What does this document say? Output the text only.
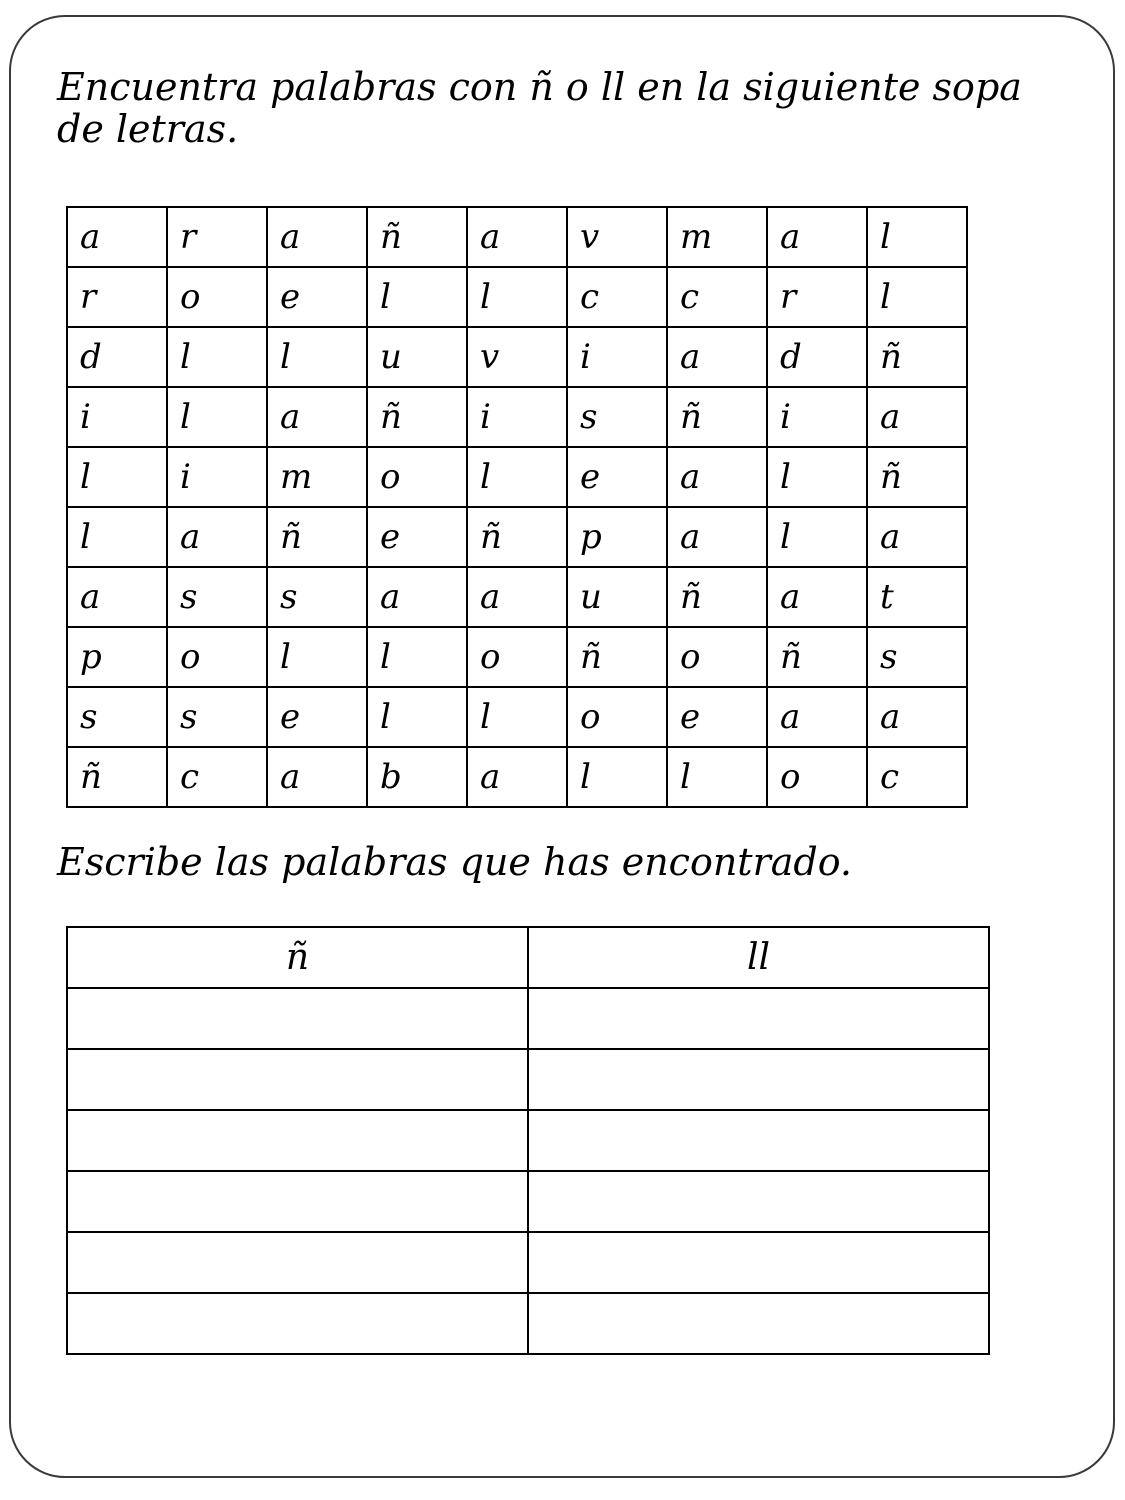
Encuentra palabras con ñ o ll en la siguiente sopa de letras.

a	r	a	ñ	a	v	m	a	l
r	o	e	l	l	c	c	r	l
d	l	l	u	v	i	a	d	ñ
i	l	a	ñ	i	s	ñ	i	a
l	i	m	o	l	e	a	l	ñ
l	a	ñ	e	ñ	p	a	l	a
a	s	s	a	a	u	ñ	a	t
p	o	l	l	o	ñ	o	ñ	s
s	s	e	l	l	o	e	a	a
ñ	c	a	b	a	l	l	o	c

Escribe las palabras que has encontrado.

ñ	ll
